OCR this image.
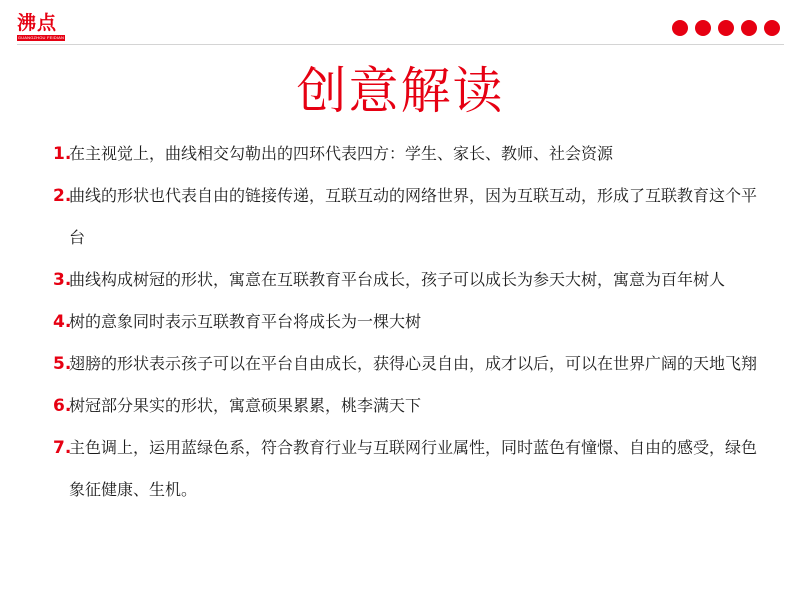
沸点
GUANGZHOU FEIDIAN
创意解读
1.在主视觉上，曲线相交勾勒出的四环代表四方：学生、家长、教师、社会资源
2.曲线的形状也代表自由的链接传递，互联互动的网络世界，因为互联互动，形成了互联教育这个平台
3.曲线构成树冠的形状，寓意在互联教育平台成长，孩子可以成长为参天大树，寓意为百年树人
4.树的意象同时表示互联教育平台将成长为一棵大树
5.翅膀的形状表示孩子可以在平台自由成长，获得心灵自由，成才以后，可以在世界广阔的天地飞翔
6.树冠部分果实的形状，寓意硕果累累，桃李满天下
7.主色调上，运用蓝绿色系，符合教育行业与互联网行业属性，同时蓝色有憧憬、自由的感受，绿色象征健康、生机。
